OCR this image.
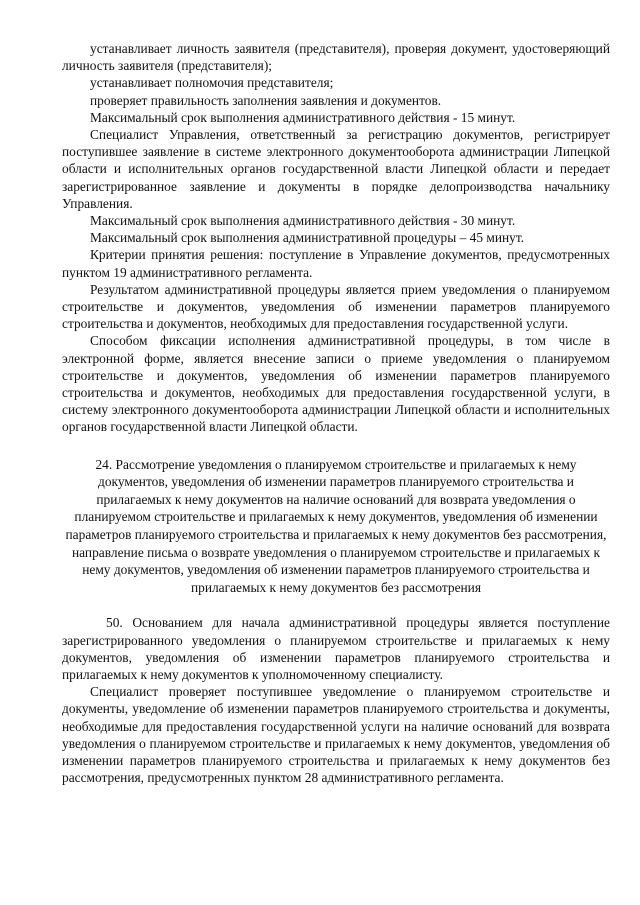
устанавливает личность заявителя (представителя), проверяя документ, удостоверяющий личность заявителя (представителя);

устанавливает полномочия представителя;

проверяет правильность заполнения заявления и документов.

Максимальный срок выполнения административного действия - 15 минут.

Специалист Управления, ответственный за регистрацию документов, регистрирует поступившее заявление в системе электронного документооборота администрации Липецкой области и исполнительных органов государственной власти Липецкой области и передает зарегистрированное заявление и документы в порядке делопроизводства начальнику Управления.

Максимальный срок выполнения административного действия - 30 минут.

Максимальный срок выполнения административной процедуры – 45 минут.

Критерии принятия решения: поступление в Управление документов, предусмотренных пунктом 19 административного регламента.

Результатом административной процедуры является прием уведомления о планируемом строительстве и документов, уведомления об изменении параметров планируемого строительства и документов, необходимых для предоставления государственной услуги.

Способом фиксации исполнения административной процедуры, в том числе в электронной форме, является внесение записи о приеме уведомления о планируемом строительстве и документов, уведомления об изменении параметров планируемого строительства и документов, необходимых для предоставления государственной услуги, в систему электронного документооборота администрации Липецкой области и исполнительных органов государственной власти Липецкой области.

24. Рассмотрение уведомления о планируемом строительстве и прилагаемых к нему документов, уведомления об изменении параметров планируемого строительства и прилагаемых к нему документов на наличие оснований для возврата уведомления о планируемом строительстве и прилагаемых к нему документов, уведомления об изменении параметров планируемого строительства и прилагаемых к нему документов без рассмотрения, направление письма о возврате уведомления о планируемом строительстве и прилагаемых к нему документов, уведомления об изменении параметров планируемого строительства и прилагаемых к нему документов без рассмотрения

50. Основанием для начала административной процедуры является поступление зарегистрированного уведомления о планируемом строительстве и прилагаемых к нему документов, уведомления об изменении параметров планируемого строительства и прилагаемых к нему документов к уполномоченному специалисту.

Специалист проверяет поступившее уведомление о планируемом строительстве и документы, уведомление об изменении параметров планируемого строительства и документы, необходимые для предоставления государственной услуги на наличие оснований для возврата уведомления о планируемом строительстве и прилагаемых к нему документов, уведомления об изменении параметров планируемого строительства и прилагаемых к нему документов без рассмотрения, предусмотренных пунктом 28 административного регламента.
